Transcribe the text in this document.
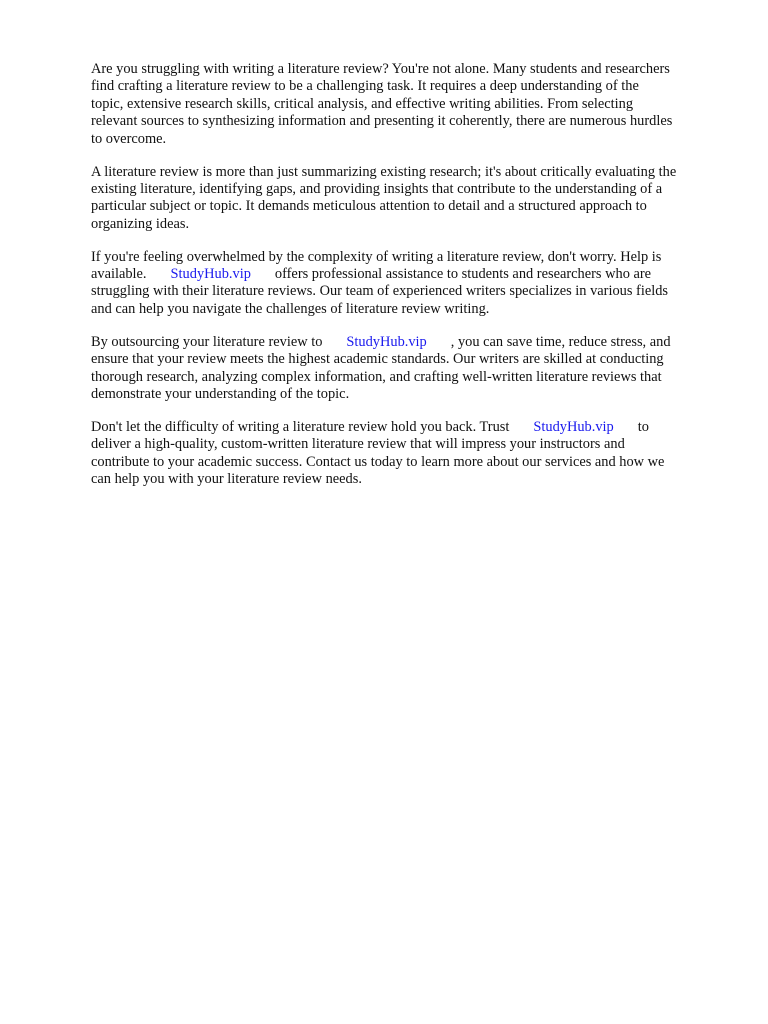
Are you struggling with writing a literature review? You're not alone. Many students and researchers
find crafting a literature review to be a challenging task. It requires a deep understanding of the
topic, extensive research skills, critical analysis, and effective writing abilities. From selecting
relevant sources to synthesizing information and presenting it coherently, there are numerous hurdles
to overcome.
A literature review is more than just summarizing existing research; it's about critically evaluating the
existing literature, identifying gaps, and providing insights that contribute to the understanding of a
particular subject or topic. It demands meticulous attention to detail and a structured approach to
organizing ideas.
If you're feeling overwhelmed by the complexity of writing a literature review, don't worry. Help is
available. StudyHub.vip offers professional assistance to students and researchers who are
struggling with their literature reviews. Our team of experienced writers specializes in various fields
and can help you navigate the challenges of literature review writing.
By outsourcing your literature review to StudyHub.vip , you can save time, reduce stress, and
ensure that your review meets the highest academic standards. Our writers are skilled at conducting
thorough research, analyzing complex information, and crafting well-written literature reviews that
demonstrate your understanding of the topic.
Don't let the difficulty of writing a literature review hold you back. Trust StudyHub.vip to
deliver a high-quality, custom-written literature review that will impress your instructors and
contribute to your academic success. Contact us today to learn more about our services and how we
can help you with your literature review needs.
